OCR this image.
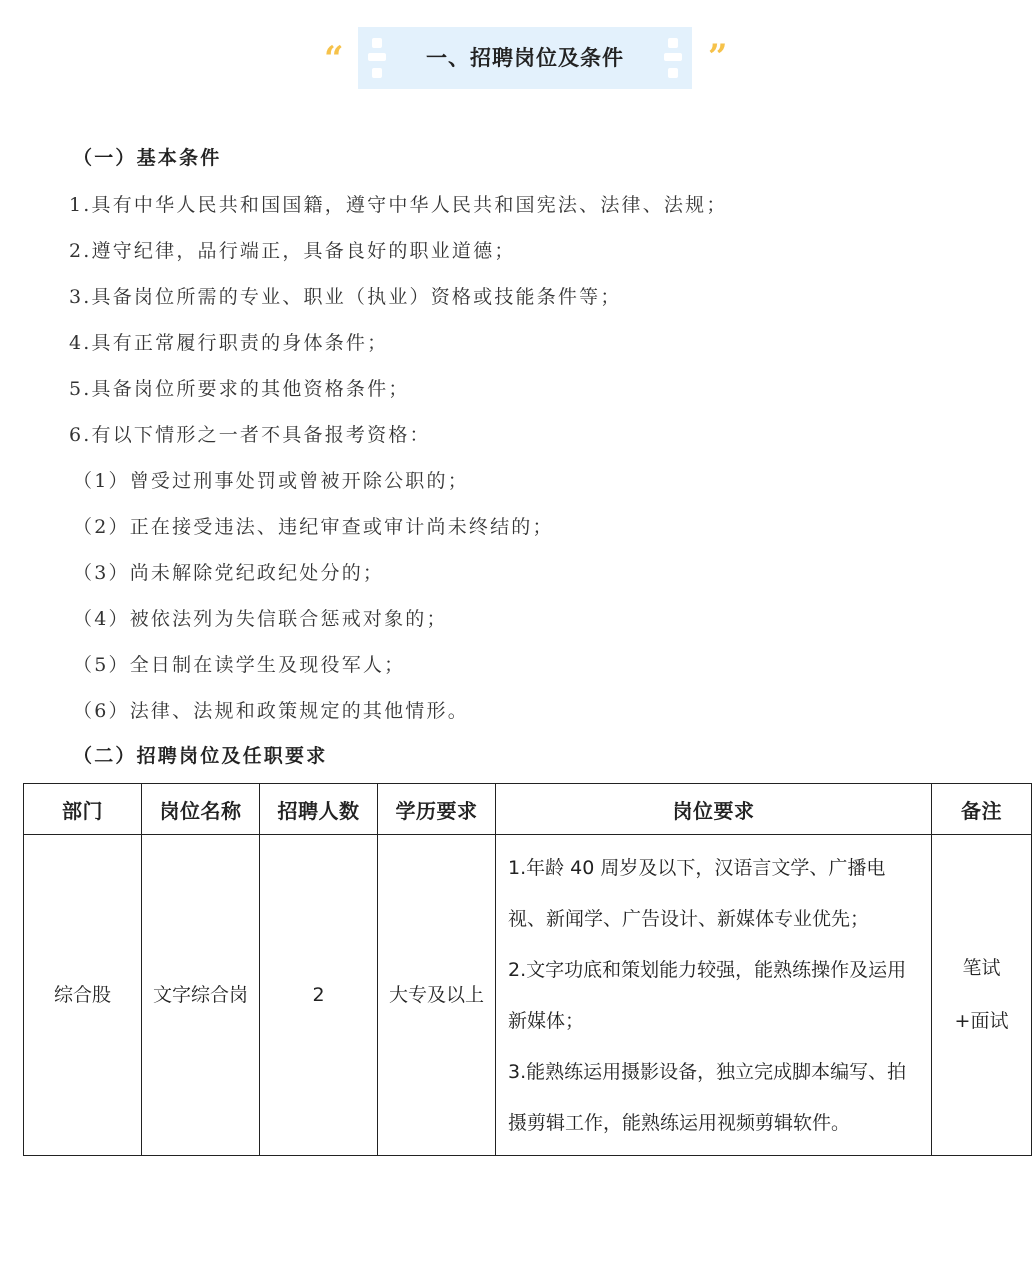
“	一、招聘岗位及条件	”
（一）基本条件
1.具有中华人民共和国国籍，遵守中华人民共和国宪法、法律、法规；
2.遵守纪律，品行端正，具备良好的职业道德；
3.具备岗位所需的专业、职业（执业）资格或技能条件等；
4.具有正常履行职责的身体条件；
5.具备岗位所要求的其他资格条件；
6.有以下情形之一者不具备报考资格：
（1）曾受过刑事处罚或曾被开除公职的；
（2）正在接受违法、违纪审查或审计尚未终结的；
（3）尚未解除党纪政纪处分的；
（4）被依法列为失信联合惩戒对象的；
（5）全日制在读学生及现役军人；
（6）法律、法规和政策规定的其他情形。
（二）招聘岗位及任职要求
部门	岗位名称	招聘人数	学历要求	岗位要求	备注
综合股	文字综合岗	2	大专及以上	1.年龄 40 周岁及以下，汉语言文学、广播电视、新闻学、广告设计、新媒体专业优先；
2.文字功底和策划能力较强，能熟练操作及运用新媒体；
3.能熟练运用摄影设备，独立完成脚本编写、拍摄剪辑工作，能熟练运用视频剪辑软件。	笔试+面试
